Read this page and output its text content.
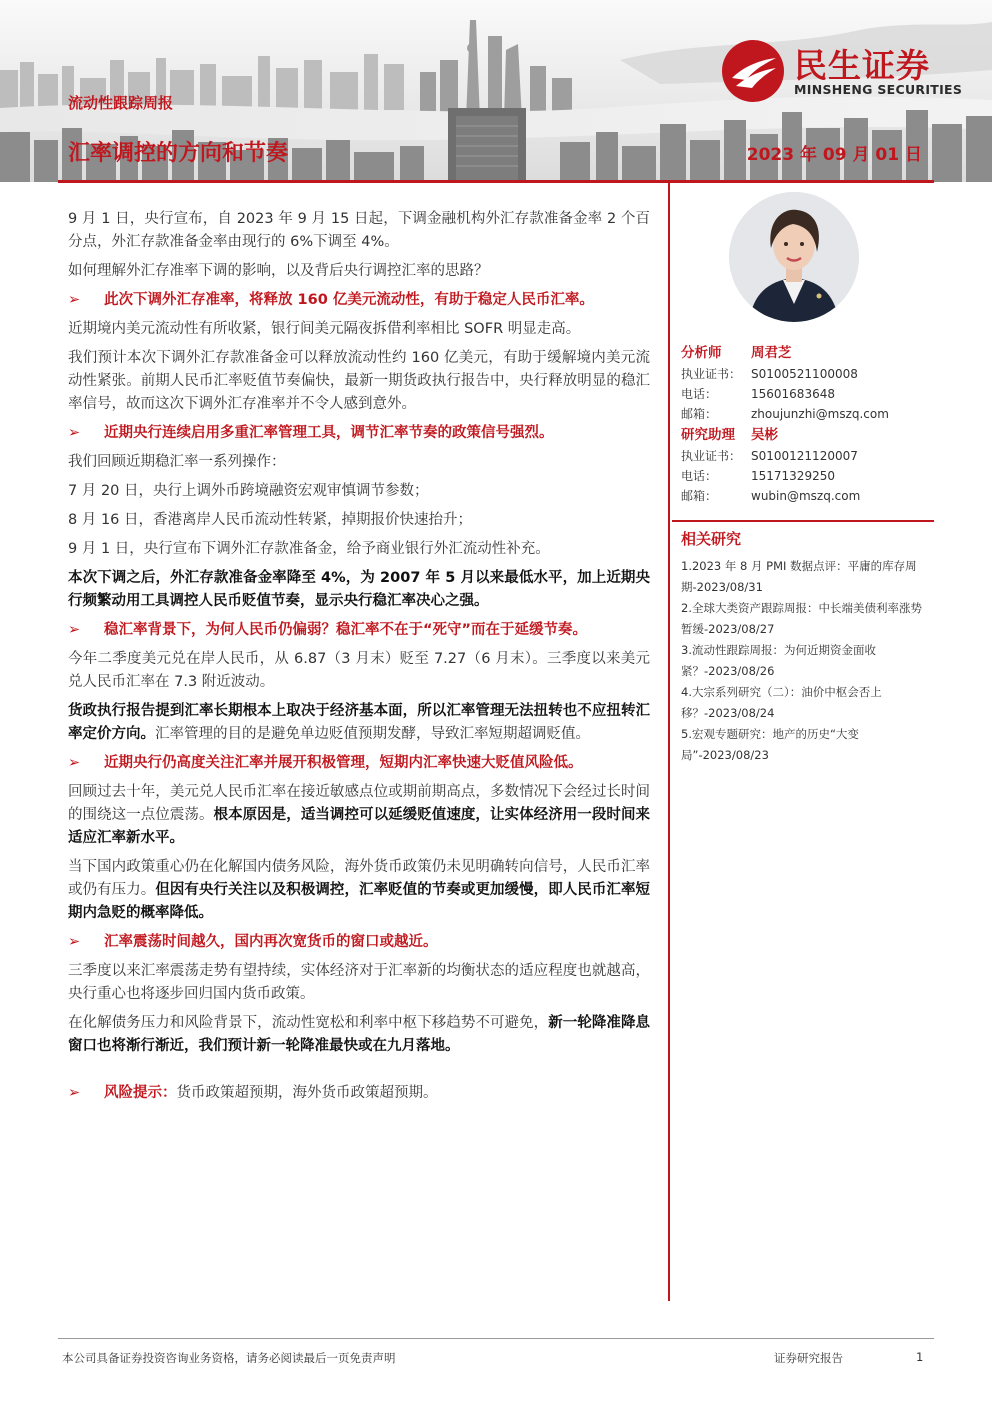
民生证券
MINSHENG SECURITIES
流动性跟踪周报
汇率调控的方向和节奏	2023 年 09 月 01 日
9 月 1 日，央行宣布，自 2023 年 9 月 15 日起，下调金融机构外汇存款准备金率 2 个百分点，外汇存款准备金率由现行的 6%下调至 4%。
如何理解外汇存准率下调的影响，以及背后央行调控汇率的思路？
➢ 此次下调外汇存准率，将释放 160 亿美元流动性，有助于稳定人民币汇率。
近期境内美元流动性有所收紧，银行间美元隔夜拆借利率相比 SOFR 明显走高。
我们预计本次下调外汇存款准备金可以释放流动性约 160 亿美元，有助于缓解境内美元流动性紧张。前期人民币汇率贬值节奏偏快，最新一期货政执行报告中，央行释放明显的稳汇率信号，故而这次下调外汇存准率并不令人感到意外。
➢ 近期央行连续启用多重汇率管理工具，调节汇率节奏的政策信号强烈。
我们回顾近期稳汇率一系列操作：
7 月 20 日，央行上调外币跨境融资宏观审慎调节参数；
8 月 16 日，香港离岸人民币流动性转紧，掉期报价快速抬升；
9 月 1 日，央行宣布下调外汇存款准备金，给予商业银行外汇流动性补充。
本次下调之后，外汇存款准备金率降至 4%，为 2007 年 5 月以来最低水平，加上近期央行频繁动用工具调控人民币贬值节奏，显示央行稳汇率决心之强。
➢ 稳汇率背景下，为何人民币仍偏弱？稳汇率不在于“死守”而在于延缓节奏。
今年二季度美元兑在岸人民币，从 6.87（3 月末）贬至 7.27（6 月末）。三季度以来美元兑人民币汇率在 7.3 附近波动。
货政执行报告提到汇率长期根本上取决于经济基本面，所以汇率管理无法扭转也不应扭转汇率定价方向。汇率管理的目的是避免单边贬值预期发酵，导致汇率短期超调贬值。
➢ 近期央行仍高度关注汇率并展开积极管理，短期内汇率快速大贬值风险低。
回顾过去十年，美元兑人民币汇率在接近敏感点位或期前期高点，多数情况下会经过长时间的围绕这一点位震荡。根本原因是，适当调控可以延缓贬值速度，让实体经济用一段时间来适应汇率新水平。
当下国内政策重心仍在化解国内债务风险，海外货币政策仍未见明确转向信号，人民币汇率或仍有压力。但因有央行关注以及积极调控，汇率贬值的节奏或更加缓慢，即人民币汇率短期内急贬的概率降低。
➢ 汇率震荡时间越久，国内再次宽货币的窗口或越近。
三季度以来汇率震荡走势有望持续，实体经济对于汇率新的均衡状态的适应程度也就越高，央行重心也将逐步回归国内货币政策。
在化解债务压力和风险背景下，流动性宽松和利率中枢下移趋势不可避免，新一轮降准降息窗口也将渐行渐近，我们预计新一轮降准最快或在九月落地。
➢ 风险提示：货币政策超预期，海外货币政策超预期。
分析师	周君芝
执业证书： S0100521100008
电话：	15601683648
邮箱：	zhoujunzhi@mszq.com
研究助理	吴彬
执业证书： S0100121120007
电话：	15171329250
邮箱：	wubin@mszq.com
相关研究
1.2023 年 8 月 PMI 数据点评：平庸的库存周期-2023/08/31
2.全球大类资产跟踪周报：中长端美债利率涨势暂缓-2023/08/27
3.流动性跟踪周报：为何近期资金面收紧？-2023/08/26
4.大宗系列研究（二）：油价中枢会否上移？-2023/08/24
5.宏观专题研究：地产的历史“大变局”-2023/08/23
本公司具备证券投资咨询业务资格，请务必阅读最后一页免责声明	证券研究报告	1
